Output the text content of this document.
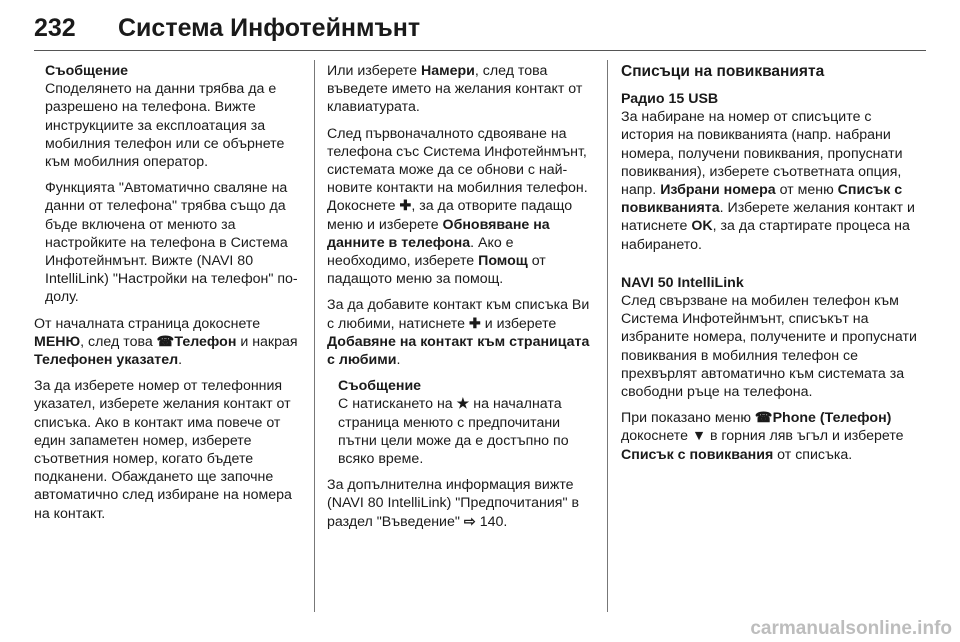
232 Система Инфотейнмънт

Съобщение

Споделянето на данни трябва да е разрешено на телефона. Вижте инструкциите за експлоатация за мобилния телефон или се обърнете към мобилния оператор.

Функцията "Автоматично сваляне на данни от телефона" трябва също да бъде включена от менюто за настройките на телефона в Система Инфотейнмънт. Вижте (NAVI 80 IntelliLink) "Настройки на телефон" по-долу.

От началната страница докоснете МЕНЮ, след това ☎Телефон и накрая Телефонен указател.

За да изберете номер от телефонния указател, изберете желания контакт от списъка. Ако в контакт има повече от един запаметен номер, изберете съответния номер, когато бъдете подканени. Обаждането ще започне автоматично след избиране на номера на контакт.

Или изберете Намери, след това въведете името на желания контакт от клавиатурата.

След първоначалното сдвояване на телефона със Система Инфотейнмънт, системата може да се обнови с най-новите контакти на мобилния телефон. Докоснете ✚, за да отворите падащо меню и изберете Обновяване на данните в телефона. Ако е необходимо, изберете Помощ от падащото меню за помощ.

За да добавите контакт към списъка Ви с любими, натиснете ✚ и изберете Добавяне на контакт към страницата с любими.

Съобщение

С натискането на ★ на началната страница менюто с предпочитани пътни цели може да е достъпно по всяко време.

За допълнителна информация вижте (NAVI 80 IntelliLink) "Предпочитания" в раздел "Въведение" ⇨ 140.

Списъци на повикванията

Радио 15 USB

За набиране на номер от списъците с история на повикванията (напр. набрани номера, получени повиквания, пропуснати повиквания), изберете съответната опция, напр. Избрани номера от меню Списък с повикванията. Изберете желания контакт и натиснете OK, за да стартирате процеса на набирането.

NAVI 50 IntelliLink

След свързване на мобилен телефон към Система Инфотейнмънт, списъкът на избраните номера, получените и пропуснати повиквания в мобилния телефон се прехвърлят автоматично към системата за свободни ръце на телефона.

При показано меню ☎Phone (Телефон) докоснете ▼ в горния ляв ъгъл и изберете Списък с повиквания от списъка.

carmanualsonline.info
